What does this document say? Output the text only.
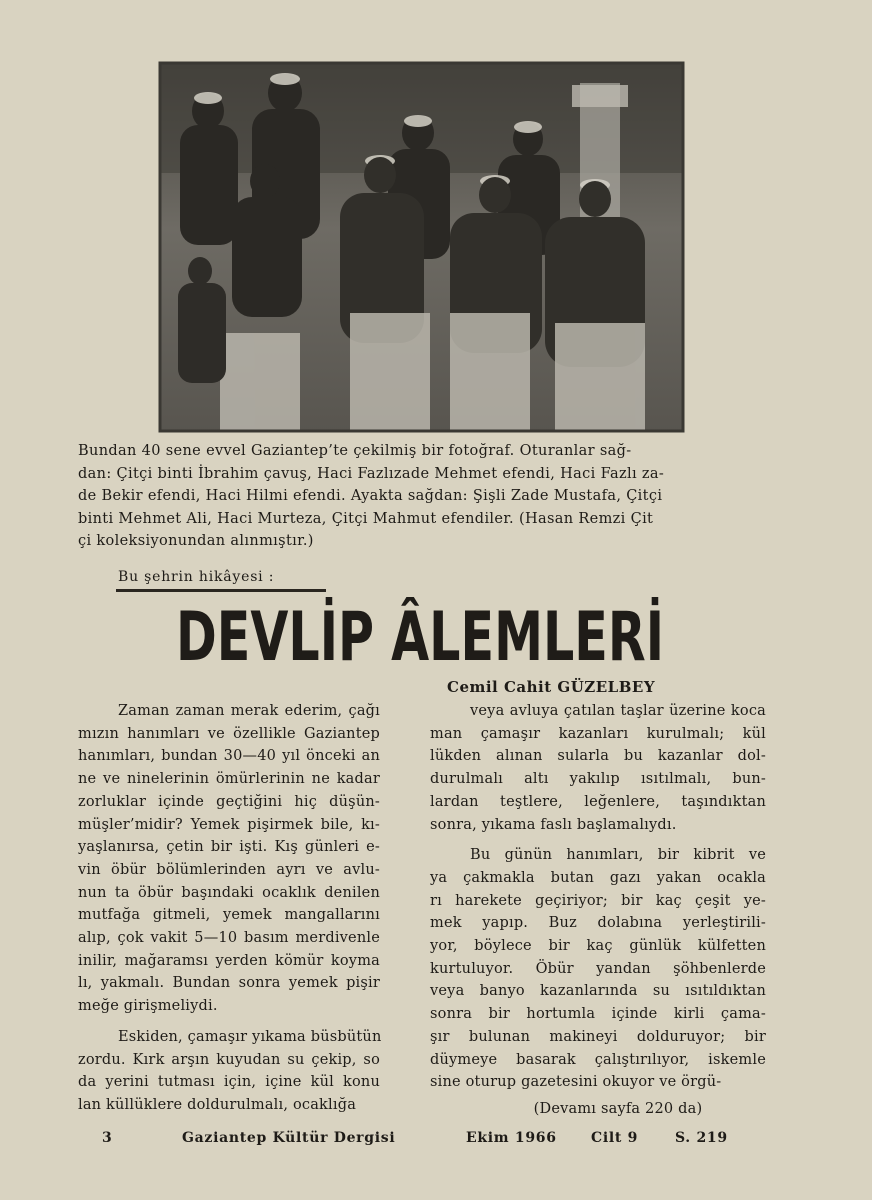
Bundan 40 sene evvel Gaziantep’te çekilmiş bir fotoğraf. Oturanlar sağ-
dan: Çitçi binti İbrahim çavuş, Haci Fazlızade Mehmet efendi, Haci Fazlı za-
de Bekir efendi, Haci Hilmi efendi. Ayakta sağdan: Şişli Zade Mustafa, Çitçi
binti Mehmet Ali, Haci Murteza, Çitçi Mahmut efendiler. (Hasan Remzi Çit
çi koleksiyonundan alınmıştır.)
Bu şehrin hikâyesi :
DEVLİP ÂLEMLERİ
Cemil Cahit GÜZELBEY
Zaman zaman merak ederim, çağı
mızın hanımları ve özellikle Gaziantep
hanımları, bundan 30—40 yıl önceki an
ne ve ninelerinin ömürlerinin ne kadar
zorluklar içinde geçtiğini hiç düşün-
müşler’midir? Yemek pişirmek bile, kı-
yaşlanırsa, çetin bir işti. Kış günleri e-
vin öbür bölümlerinden ayrı ve avlu-
nun ta öbür başındaki ocaklık denilen
mutfağa gitmeli, yemek mangallarını
alıp, çok vakit 5—10 basım merdivenle
inilir, mağaramsı yerden kömür koyma
lı, yakmalı. Bundan sonra yemek pişir
meğe girişmeliydi.
Eskiden, çamaşır yıkama büsbütün
zordu. Kırk arşın kuyudan su çekip, so
da yerini tutması için, içine kül konu
lan küllüklere doldurulmalı, ocaklığa
veya avluya çatılan taşlar üzerine koca
man çamaşır kazanları kurulmalı; kül
lükden alınan sularla bu kazanlar dol-
durulmalı altı yakılıp ısıtılmalı, bun-
lardan teştlere, leğenlere, taşındıktan
sonra, yıkama faslı başlamalıydı.
Bu günün hanımları, bir kibrit ve
ya çakmakla butan gazı yakan ocakla
rı harekete geçiriyor; bir kaç çeşit ye-
mek yapıp. Buz dolabına yerleştirili-
yor, böylece bir kaç günlük külfetten
kurtuluyor. Öbür yandan şöhbenlerde
veya banyo kazanlarında su ısıtıldıktan
sonra bir hortumla içinde kirli çama-
şır bulunan makineyi dolduruyor; bir
düymeye basarak çalıştırılıyor, iskemle
sine oturup gazetesini okuyor ve örgü-
(Devamı sayfa 220 da)
3	Gaziantep Kültür Dergisi	Ekim 1966 Cilt 9	S. 219
